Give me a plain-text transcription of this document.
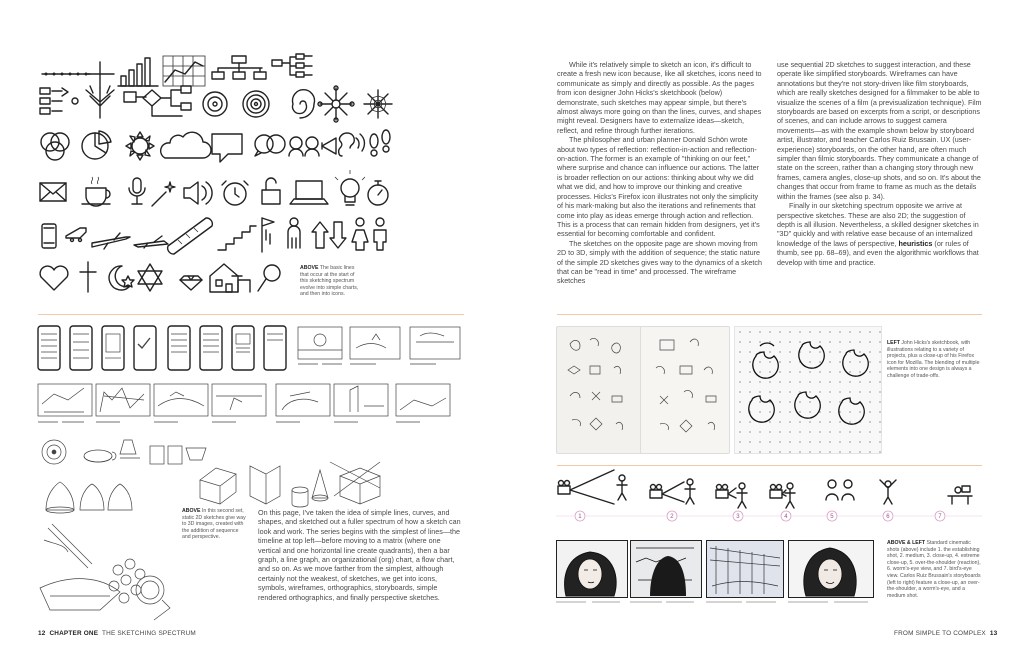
ABOVE The basic lines that occur at the start of this sketching spectrum evolve into simple charts, and then into icons.
ABOVE In this second set, static 2D sketches give way to 3D images, created with the addition of sequence and perspective.
On this page, I've taken the idea of simple lines, curves, and shapes, and sketched out a fuller spectrum of how a sketch can look and work. The series begins with the simplest of lines—the timeline at top left—before moving to a matrix (where one vertical and one horizontal line create quadrants), then a bar graph, a line graph, an organizational (org) chart, a flow chart, and so on. As we move farther from the simplest, although certainly not the weakest, of sketches, we get into icons, symbols, wireframes, orthographics, storyboards, simple rendered orthographics, and finally perspective sketches.
12 CHAPTER ONE THE SKETCHING SPECTRUM

While it's relatively simple to sketch an icon, it's difficult to create a fresh new icon because, like all sketches, icons need to communicate as simply and directly as possible. As the pages from icon designer John Hicks's sketchbook (below) demonstrate, such sketches may appear simple, but there's almost always more going on than the lines, curves, and shapes might reveal. Designers have to externalize ideas—sketch, reflect, and refine through further iterations.

The philosopher and urban planner Donald Schön wrote about two types of reflection: reflection-in-action and reflection-on-action. The former is an example of "thinking on our feet," where surprise and chance can influence our actions. The latter is broader reflection on our actions: thinking about why we did what we did, and how to improve our thinking and creative processes. Hicks's Firefox icon illustrates not only the simplicity of his mark-making but also the iterations and refinements that come into play as ideas emerge through action and reflection. This is a process that can remain hidden from designers, yet it's essential for becoming comfortable and confident.

The sketches on the opposite page are shown moving from 2D to 3D, simply with the addition of sequence; the static nature of the simple 2D sketches gives way to the dynamics of a sketch that can be "read in time" and processed. The wireframe sketches

use sequential 2D sketches to suggest interaction, and these operate like simplified storyboards. Wireframes can have annotations but they're not story-driven like film storyboards, which are really sketches designed for a filmmaker to be able to visualize the scenes of a film (a previsualization technique). Film storyboards are based on excerpts from a script, or descriptions of scenes, and can include arrows to suggest camera movements—as with the example shown below by storyboard artist, illustrator, and teacher Carlos Ruiz Brussain. UX (user-experience) storyboards, on the other hand, are often much simpler than filmic storyboards. They communicate a change of state on the screen, rather than a changing story through new frames, camera angles, close-up shots, and so on. It's about the changes that occur from frame to frame as much as the details within the frames (see also p. 34).

Finally in our sketching spectrum opposite we arrive at perspective sketches. These are also 2D; the suggestion of depth is all illusion. Nevertheless, a skilled designer sketches in "3D" quickly and with relative ease because of an internalized knowledge of the laws of perspective, heuristics (or rules of thumb, see pp. 68–69), and even the algorithmic workflows that develop with time and practice.

LEFT John Hicks's sketchbook, with illustrations relating to a variety of projects, plus a close-up of his Firefox icon for Mozilla. The blending of multiple elements into one design is always a challenge of trade-offs.
1	2	3	4	5	6	7
ABOVE & LEFT Standard cinematic shots (above) include 1. the establishing shot, 2. medium, 3. close-up, 4. extreme close-up, 5. over-the-shoulder (reaction), 6. worm's-eye view, and 7. bird's-eye view. Carlos Ruiz Brussain's storyboards (left to right) feature a close-up, an over-the-shoulder, a worm's-eye, and a medium shot.
FROM SIMPLE TO COMPLEX 13
